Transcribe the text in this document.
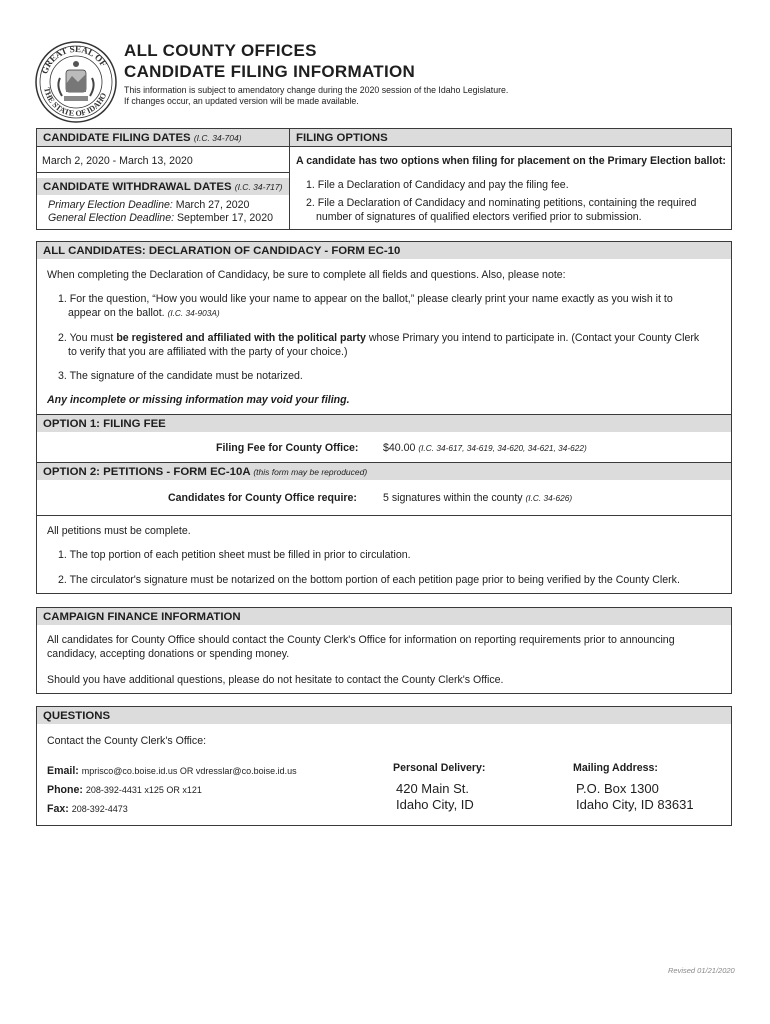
GREAT SEAL OF
THE STATE OF IDAHO
ALL COUNTY OFFICES
CANDIDATE FILING INFORMATION
This information is subject to amendatory change during the 2020 session of the Idaho Legislature.
If changes occur, an updated version will be made available.
CANDIDATE FILING DATES (I.C. 34-704)
March 2, 2020 - March 13, 2020
CANDIDATE WITHDRAWAL DATES (I.C. 34-717)
Primary Election Deadline: March 27, 2020
General Election Deadline: September 17, 2020
FILING OPTIONS
A candidate has two options when filing for placement on the Primary Election ballot:
1. File a Declaration of Candidacy and pay the filing fee.
2. File a Declaration of Candidacy and nominating petitions, containing the required
number of signatures of qualified electors verified prior to submission.
ALL CANDIDATES: DECLARATION OF CANDIDACY - FORM EC-10
When completing the Declaration of Candidacy, be sure to complete all fields and questions. Also, please note:
1. For the question, “How you would like your name to appear on the ballot,” please clearly print your name exactly as you wish it to
appear on the ballot. (I.C. 34-903A)
2. You must be registered and affiliated with the political party whose Primary you intend to participate in. (Contact your County Clerk
to verify that you are affiliated with the party of your choice.)
3. The signature of the candidate must be notarized.
Any incomplete or missing information may void your filing.
OPTION 1: FILING FEE
Filing Fee for County Office: $40.00 (I.C. 34-617, 34-619, 34-620, 34-621, 34-622)
OPTION 2: PETITIONS - FORM EC-10A (this form may be reproduced)
Candidates for County Office require: 5 signatures within the county (I.C. 34-626)
All petitions must be complete.
1. The top portion of each petition sheet must be filled in prior to circulation.
2. The circulator's signature must be notarized on the bottom portion of each petition page prior to being verified by the County Clerk.
CAMPAIGN FINANCE INFORMATION
All candidates for County Office should contact the County Clerk's Office for information on reporting requirements prior to announcing
candidacy, accepting donations or spending money.
Should you have additional questions, please do not hesitate to contact the County Clerk's Office.
QUESTIONS
Contact the County Clerk's Office:
Email: mprisco@co.boise.id.us OR vdresslar@co.boise.id.us
Phone: 208-392-4431 x125 OR x121
Fax: 208-392-4473
Personal Delivery:
420 Main St.
Idaho City, ID
Mailing Address:
P.O. Box 1300
Idaho City, ID 83631
Revised 01/21/2020
